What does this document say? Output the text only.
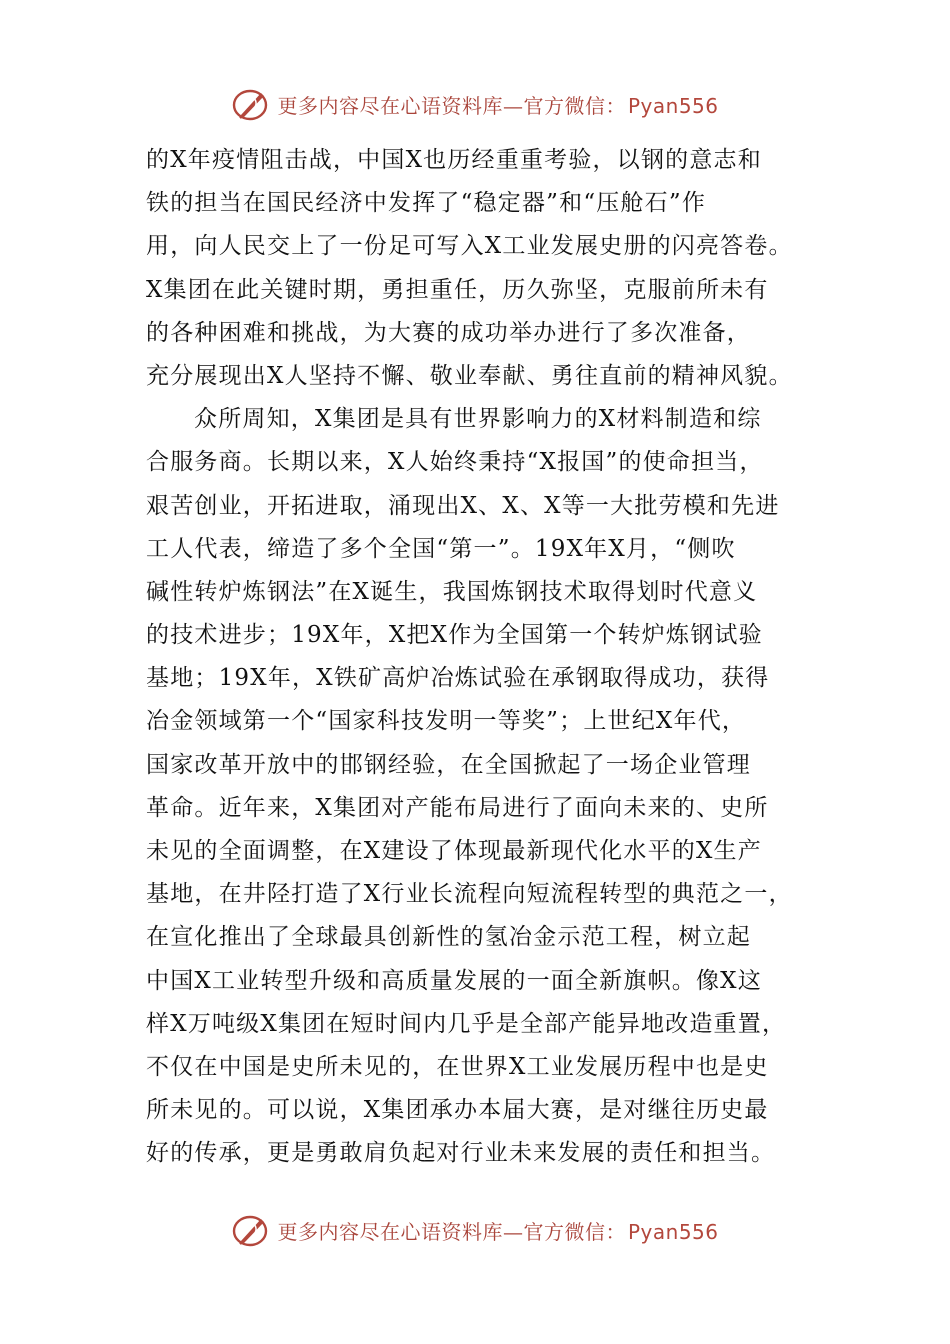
更多内容尽在心语资料库—官方微信： Pyan556
的X年疫情阻击战，中国X也历经重重考验，以钢的意志和
铁的担当在国民经济中发挥了“稳定器”和“压舱石”作
用，向人民交上了一份足可写入X工业发展史册的闪亮答卷。
X集团在此关键时期，勇担重任，历久弥坚，克服前所未有
的各种困难和挑战，为大赛的成功举办进行了多次准备，
充分展现出X人坚持不懈、敬业奉献、勇往直前的精神风貌。
众所周知，X集团是具有世界影响力的X材料制造和综
合服务商。长期以来，X人始终秉持“X报国”的使命担当，
艰苦创业，开拓进取，涌现出X、X、X等一大批劳模和先进
工人代表，缔造了多个全国“第一”。19X年X月，“侧吹
碱性转炉炼钢法”在X诞生，我国炼钢技术取得划时代意义
的技术进步；19X年，X把X作为全国第一个转炉炼钢试验
基地；19X年，X铁矿高炉冶炼试验在承钢取得成功，获得
冶金领域第一个“国家科技发明一等奖”；上世纪X年代，
国家改革开放中的邯钢经验，在全国掀起了一场企业管理
革命。近年来，X集团对产能布局进行了面向未来的、史所
未见的全面调整，在X建设了体现最新现代化水平的X生产
基地，在井陉打造了X行业长流程向短流程转型的典范之一，
在宣化推出了全球最具创新性的氢冶金示范工程，树立起
中国X工业转型升级和高质量发展的一面全新旗帜。像X这
样X万吨级X集团在短时间内几乎是全部产能异地改造重置，
不仅在中国是史所未见的，在世界X工业发展历程中也是史
所未见的。可以说，X集团承办本届大赛，是对继往历史最
好的传承，更是勇敢肩负起对行业未来发展的责任和担当。
更多内容尽在心语资料库—官方微信： Pyan556
